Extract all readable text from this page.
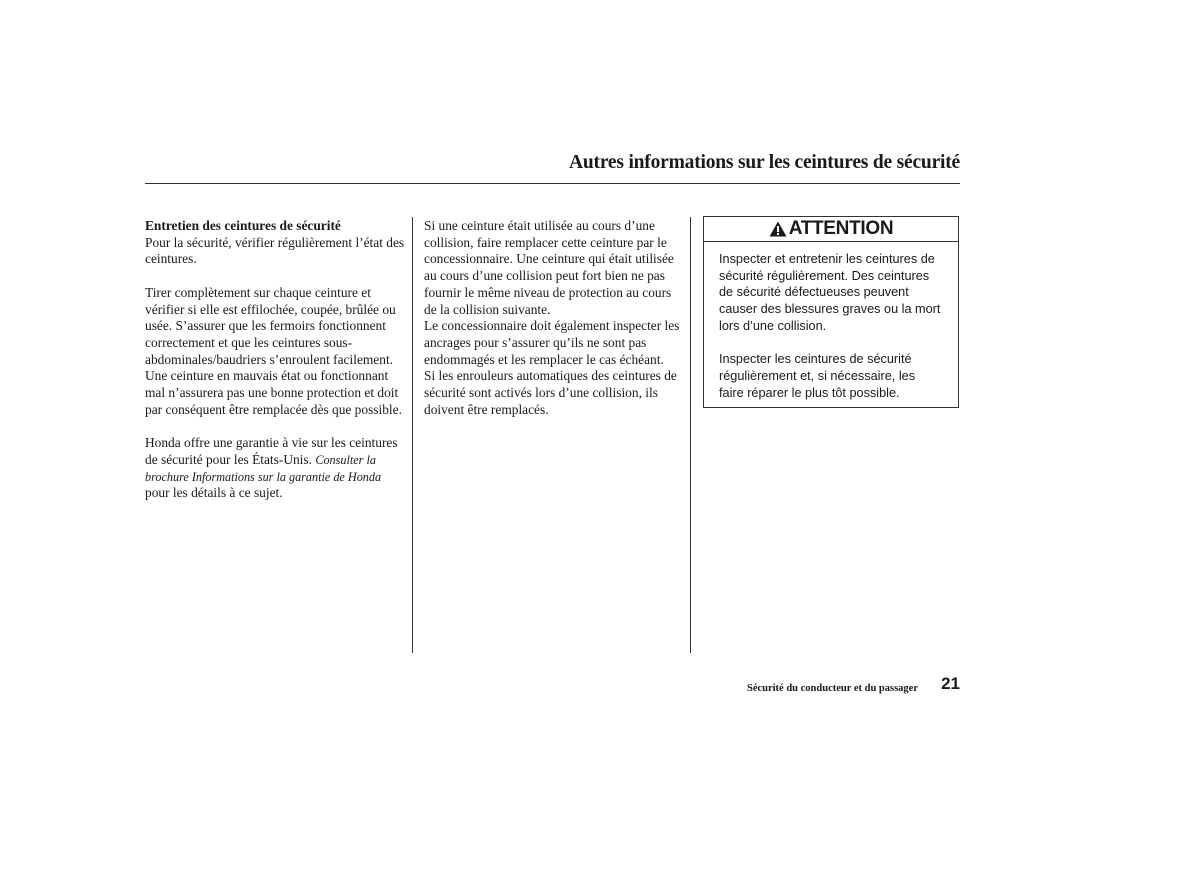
Autres informations sur les ceintures de sécurité

Entretien des ceintures de sécurité
Pour la sécurité, vérifier régulièrement l’état des ceintures.

Tirer complètement sur chaque ceinture et vérifier si elle est effilochée, coupée, brûlée ou usée. S’assurer que les fermoirs fonctionnent correctement et que les ceintures sous-abdominales/baudriers s’enroulent facilement. Une ceinture en mauvais état ou fonctionnant mal n’assurera pas une bonne protection et doit par conséquent être remplacée dès que possible.

Honda offre une garantie à vie sur les ceintures de sécurité pour les États-Unis. Consulter la brochure Informations sur la garantie de Honda pour les détails à ce sujet.

Si une ceinture était utilisée au cours d’une collision, faire remplacer cette ceinture par le concessionnaire. Une ceinture qui était utilisée au cours d’une collision peut fort bien ne pas fournir le même niveau de protection au cours de la collision suivante.

Le concessionnaire doit également inspecter les ancrages pour s’assurer qu’ils ne sont pas endommagés et les remplacer le cas échéant.

Si les enrouleurs automatiques des ceintures de sécurité sont activés lors d’une collision, ils doivent être remplacés.

ATTENTION

Inspecter et entretenir les ceintures de sécurité régulièrement. Des ceintures de sécurité défectueuses peuvent causer des blessures graves ou la mort lors d’une collision.

Inspecter les ceintures de sécurité régulièrement et, si nécessaire, les faire réparer le plus tôt possible.

Sécurité du conducteur et du passager	21
